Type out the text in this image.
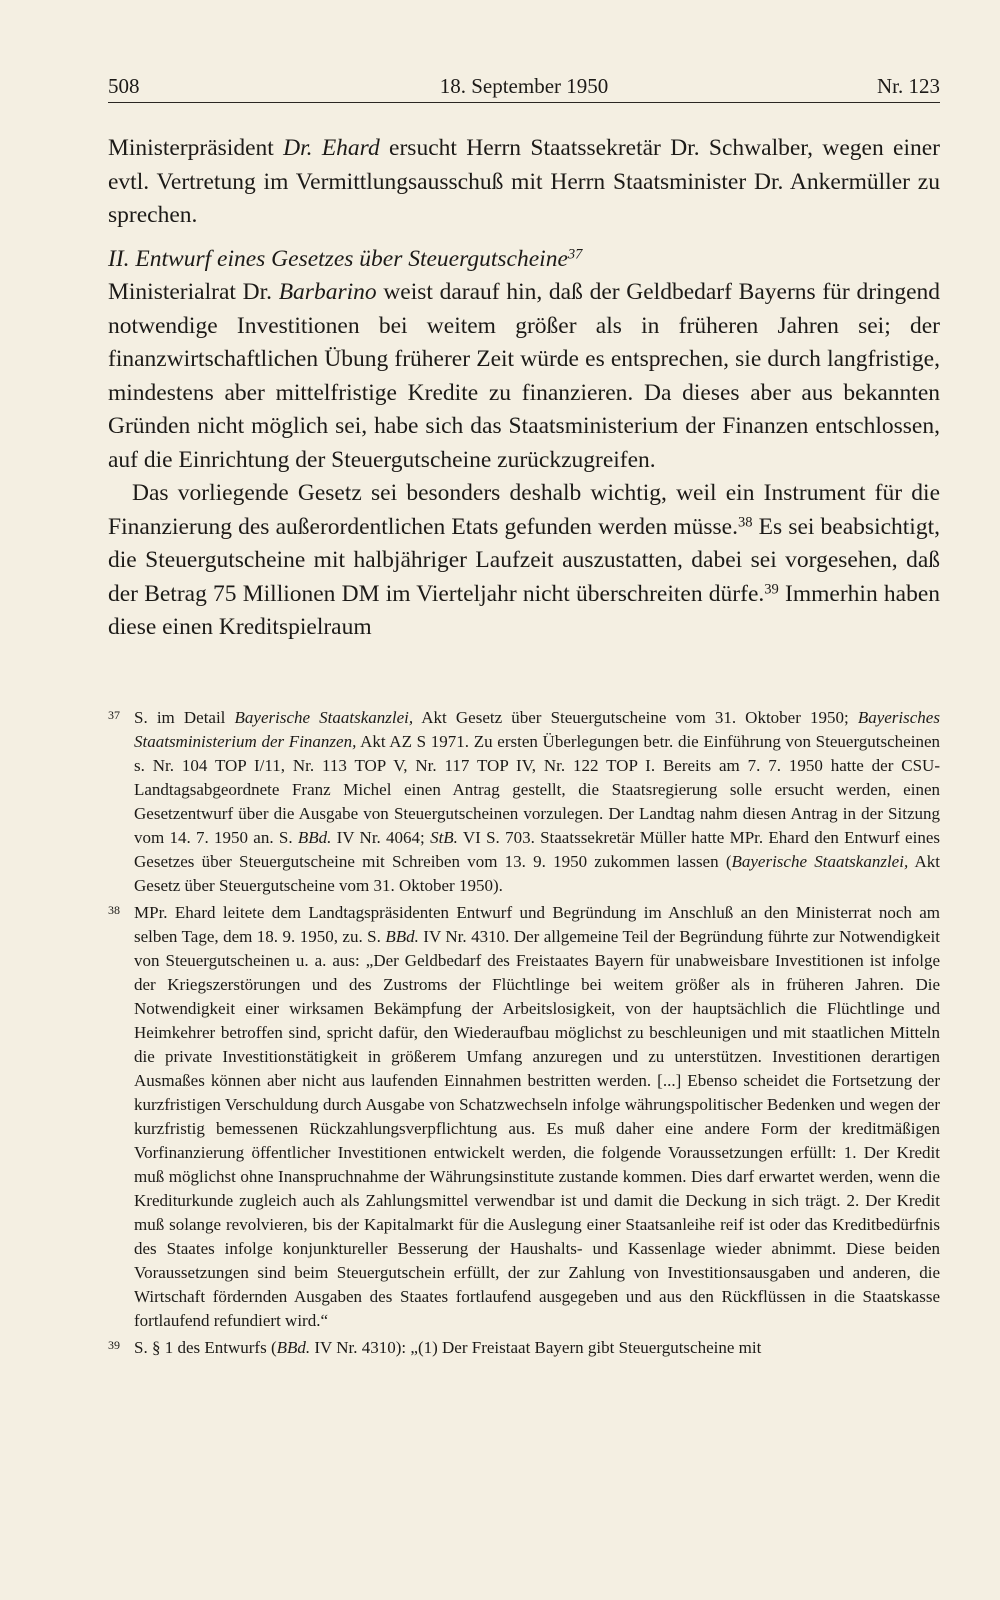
508	18. September 1950	Nr. 123

Ministerpräsident Dr. Ehard ersucht Herrn Staatssekretär Dr. Schwalber, wegen einer evtl. Vertretung im Vermittlungsausschuß mit Herrn Staatsminister Dr. Ankermüller zu sprechen.

II. Entwurf eines Gesetzes über Steuergutscheine$^{37}$

Ministerialrat Dr. Barbarino weist darauf hin, daß der Geldbedarf Bayerns für dringend notwendige Investitionen bei weitem größer als in früheren Jahren sei; der finanzwirtschaftlichen Übung früherer Zeit würde es entsprechen, sie durch langfristige, mindestens aber mittelfristige Kredite zu finanzieren. Da dieses aber aus bekannten Gründen nicht möglich sei, habe sich das Staatsministerium der Finanzen entschlossen, auf die Einrichtung der Steuergutscheine zurückzugreifen.

Das vorliegende Gesetz sei besonders deshalb wichtig, weil ein Instrument für die Finanzierung des außerordentlichen Etats gefunden werden müsse.$^{38}$ Es sei beabsichtigt, die Steuergutscheine mit halbjähriger Laufzeit auszustatten, dabei sei vorgesehen, daß der Betrag 75 Millionen DM im Vierteljahr nicht überschreiten dürfe.$^{39}$ Immerhin haben diese einen Kreditspielraum

37 S. im Detail Bayerische Staatskanzlei, Akt Gesetz über Steuergutscheine vom 31. Oktober 1950; Bayerisches Staatsministerium der Finanzen, Akt AZ S 1971. Zu ersten Überlegungen betr. die Einführung von Steuergutscheinen s. Nr. 104 TOP I/11, Nr. 113 TOP V, Nr. 117 TOP IV, Nr. 122 TOP I. Bereits am 7. 7. 1950 hatte der CSU-Landtagsabgeordnete Franz Michel einen Antrag gestellt, die Staatsregierung solle ersucht werden, einen Gesetzentwurf über die Ausgabe von Steuergutscheinen vorzulegen. Der Landtag nahm diesen Antrag in der Sitzung vom 14. 7. 1950 an. S. BBd. IV Nr. 4064; StB. VI S. 703. Staatssekretär Müller hatte MPr. Ehard den Entwurf eines Gesetzes über Steuergutscheine mit Schreiben vom 13. 9. 1950 zukommen lassen (Bayerische Staatskanzlei, Akt Gesetz über Steuergutscheine vom 31. Oktober 1950).
38 MPr. Ehard leitete dem Landtagspräsidenten Entwurf und Begründung im Anschluß an den Ministerrat noch am selben Tage, dem 18. 9. 1950, zu. S. BBd. IV Nr. 4310. Der allgemeine Teil der Begründung führte zur Notwendigkeit von Steuergutscheinen u. a. aus: „Der Geldbedarf des Freistaates Bayern für unabweisbare Investitionen ist infolge der Kriegszerstörungen und des Zustroms der Flüchtlinge bei weitem größer als in früheren Jahren. Die Notwendigkeit einer wirksamen Bekämpfung der Arbeitslosigkeit, von der hauptsächlich die Flüchtlinge und Heimkehrer betroffen sind, spricht dafür, den Wiederaufbau möglichst zu beschleunigen und mit staatlichen Mitteln die private Investitionstätigkeit in größerem Umfang anzuregen und zu unterstützen. Investitionen derartigen Ausmaßes können aber nicht aus laufenden Einnahmen bestritten werden. [...] Ebenso scheidet die Fortsetzung der kurzfristigen Verschuldung durch Ausgabe von Schatzwechseln infolge währungspolitischer Bedenken und wegen der kurzfristig bemessenen Rückzahlungsverpflichtung aus. Es muß daher eine andere Form der kreditmäßigen Vorfinanzierung öffentlicher Investitionen entwickelt werden, die folgende Voraussetzungen erfüllt: 1. Der Kredit muß möglichst ohne Inanspruchnahme der Währungsinstitute zustande kommen. Dies darf erwartet werden, wenn die Krediturkunde zugleich auch als Zahlungsmittel verwendbar ist und damit die Deckung in sich trägt. 2. Der Kredit muß solange revolvieren, bis der Kapitalmarkt für die Auslegung einer Staatsanleihe reif ist oder das Kreditbedürfnis des Staates infolge konjunktureller Besserung der Haushalts- und Kassenlage wieder abnimmt. Diese beiden Voraussetzungen sind beim Steuergutschein erfüllt, der zur Zahlung von Investitionsausgaben und anderen, die Wirtschaft fördernden Ausgaben des Staates fortlaufend ausgegeben und aus den Rückflüssen in die Staatskasse fortlaufend refundiert wird.“
39 S. § 1 des Entwurfs (BBd. IV Nr. 4310): „(1) Der Freistaat Bayern gibt Steuergutscheine mit
